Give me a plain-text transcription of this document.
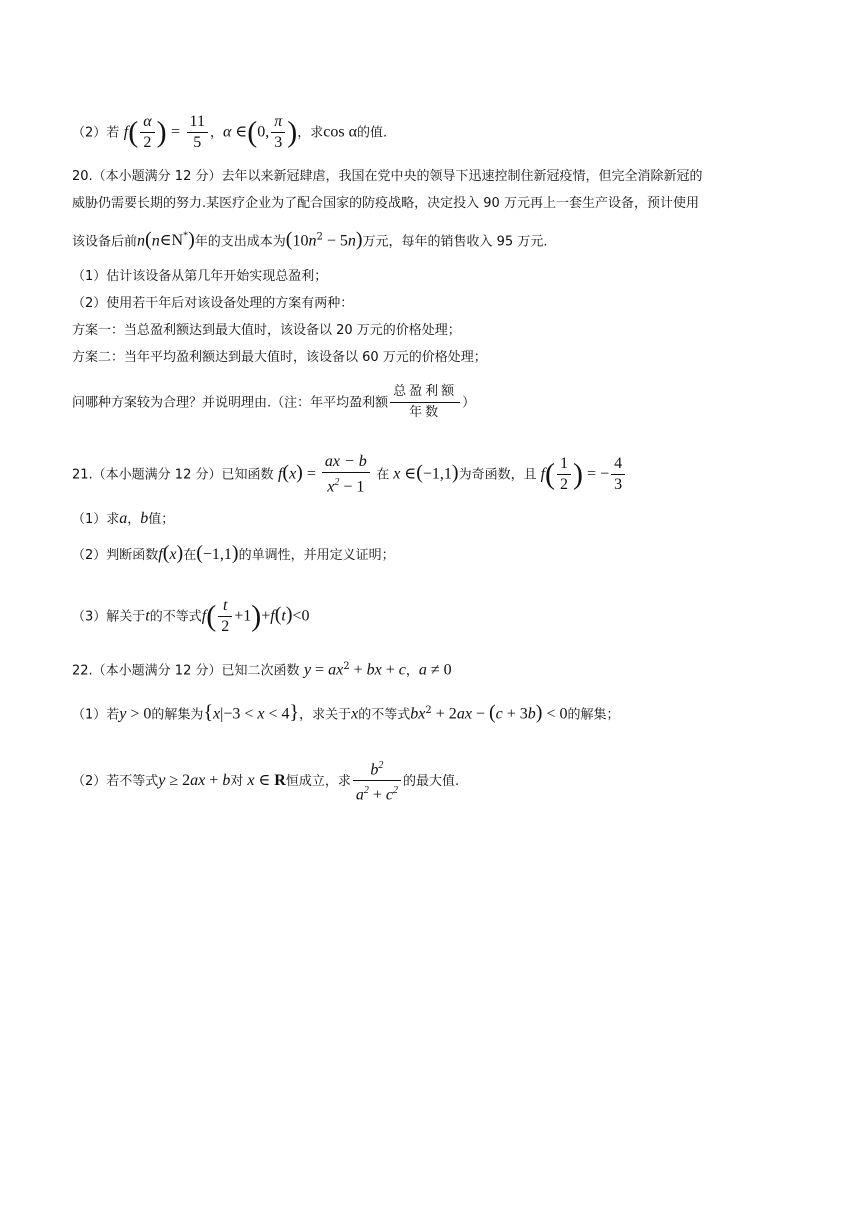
（2）若 $f( \frac{\alpha}{2}$ ) = $\frac{11}{5}$ ，α ∈(0, $\frac{\pi}{3}$ )，求cos α的值.
20.（本小题满分 12 分）去年以来新冠肆虐，我国在党中央的领导下迅速控制住新冠疫情，但完全消除新冠的
威胁仍需要长期的努力.某医疗企业为了配合国家的防疫战略，决定投入 90 万元再上一套生产设备，预计使用
该设备后前n(n∈N*)年的支出成本为$(10n^2 - 5n)$万元，每年的销售收入 95 万元.
（1）估计该设备从第几年开始实现总盈利；
（2）使用若干年后对该设备处理的方案有两种：
方案一：当总盈利额达到最大值时，该设备以 20 万元的价格处理；
方案二：当年平均盈利额达到最大值时，该设备以 60 万元的价格处理；
问哪种方案较为合理？并说明理由.（注：年平均盈利额 $\frac{\text{总盈利额}}{\text{年数}}$ ）
21.（本小题满分 12 分）已知函数 $f(x) = \frac{ax - b}{x^2 - 1}$ 在 x ∈(−1,1)为奇函数，且 $f( \frac{1}{2}$ ) = − $\frac{4}{3}$
（1）求a，b值；
（2）判断函数f(x)在(−1,1)的单调性，并用定义证明；
（3）解关于t的不等式$f( \frac{t}{2} +1)+f(t)<0$
22.（本小题满分 12 分）已知二次函数 $y = ax^2$ + bx + c，a ≠ 0
（1）若y > 0的解集为{x|−3 < x < 4}，求关于x的不等式$bx^2 + 2ax - (c + 3b) < 0$的解集；
（2）若不等式y ≥ 2ax + b对 x ∈ R恒成立，求 $\frac{b^2}{a^2 + c^2}$ 的最大值.
